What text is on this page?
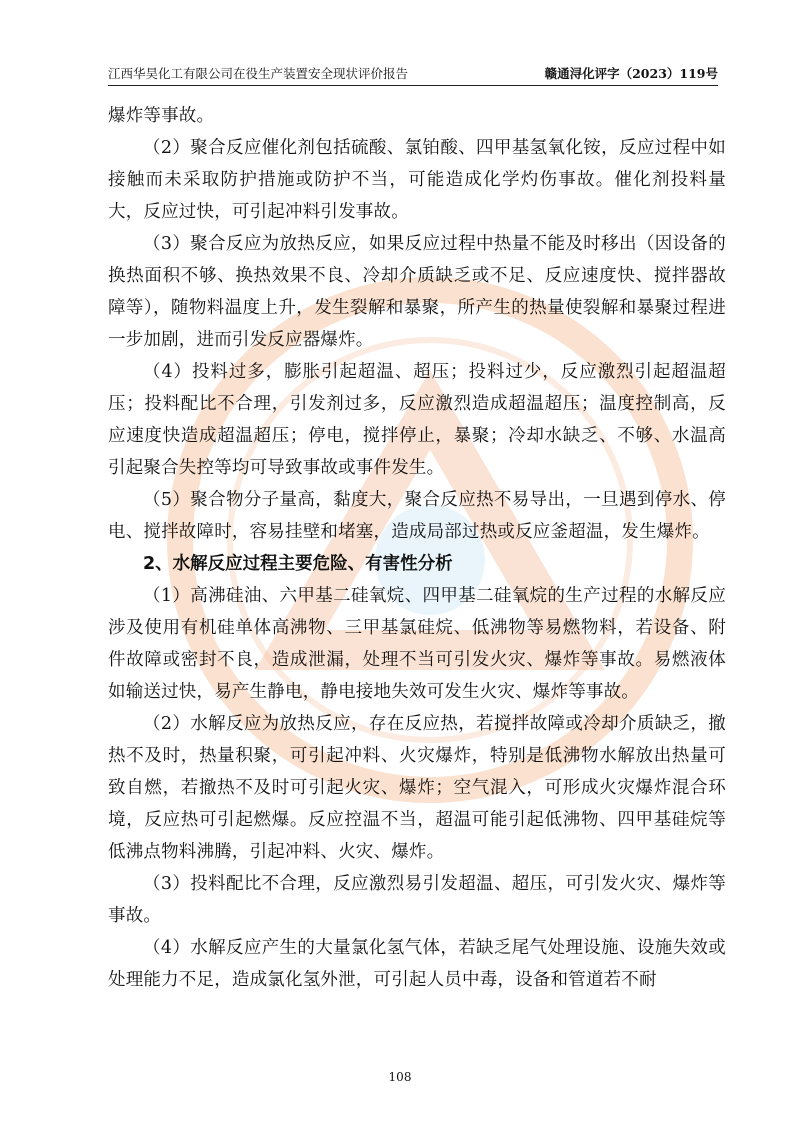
江西华昊化工有限公司在役生产装置安全现状评价报告	赣通浔化评字（2023）119号

爆炸等事故。

（2）聚合反应催化剂包括硫酸、氯铂酸、四甲基氢氧化铵，反应过程中如接触而未采取防护措施或防护不当，可能造成化学灼伤事故。催化剂投料量大，反应过快，可引起冲料引发事故。

（3）聚合反应为放热反应，如果反应过程中热量不能及时移出（因设备的换热面积不够、换热效果不良、冷却介质缺乏或不足、反应速度快、搅拌器故障等），随物料温度上升，发生裂解和暴聚，所产生的热量使裂解和暴聚过程进一步加剧，进而引发反应器爆炸。

（4）投料过多，膨胀引起超温、超压；投料过少，反应激烈引起超温超压；投料配比不合理，引发剂过多，反应激烈造成超温超压；温度控制高，反应速度快造成超温超压；停电，搅拌停止，暴聚；冷却水缺乏、不够、水温高引起聚合失控等均可导致事故或事件发生。

（5）聚合物分子量高，黏度大，聚合反应热不易导出，一旦遇到停水、停电、搅拌故障时，容易挂壁和堵塞，造成局部过热或反应釜超温，发生爆炸。

2、水解反应过程主要危险、有害性分析

（1）高沸硅油、六甲基二硅氧烷、四甲基二硅氧烷的生产过程的水解反应涉及使用有机硅单体高沸物、三甲基氯硅烷、低沸物等易燃物料，若设备、附件故障或密封不良，造成泄漏，处理不当可引发火灾、爆炸等事故。易燃液体如输送过快，易产生静电，静电接地失效可发生火灾、爆炸等事故。

（2）水解反应为放热反应，存在反应热，若搅拌故障或冷却介质缺乏，撤热不及时，热量积聚，可引起冲料、火灾爆炸，特别是低沸物水解放出热量可致自燃，若撤热不及时可引起火灾、爆炸；空气混入，可形成火灾爆炸混合环境，反应热可引起燃爆。反应控温不当，超温可能引起低沸物、四甲基硅烷等低沸点物料沸腾，引起冲料、火灾、爆炸。

（3）投料配比不合理，反应激烈易引发超温、超压，可引发火灾、爆炸等事故。

（4）水解反应产生的大量氯化氢气体，若缺乏尾气处理设施、设施失效或处理能力不足，造成氯化氢外泄，可引起人员中毒，设备和管道若不耐

108
